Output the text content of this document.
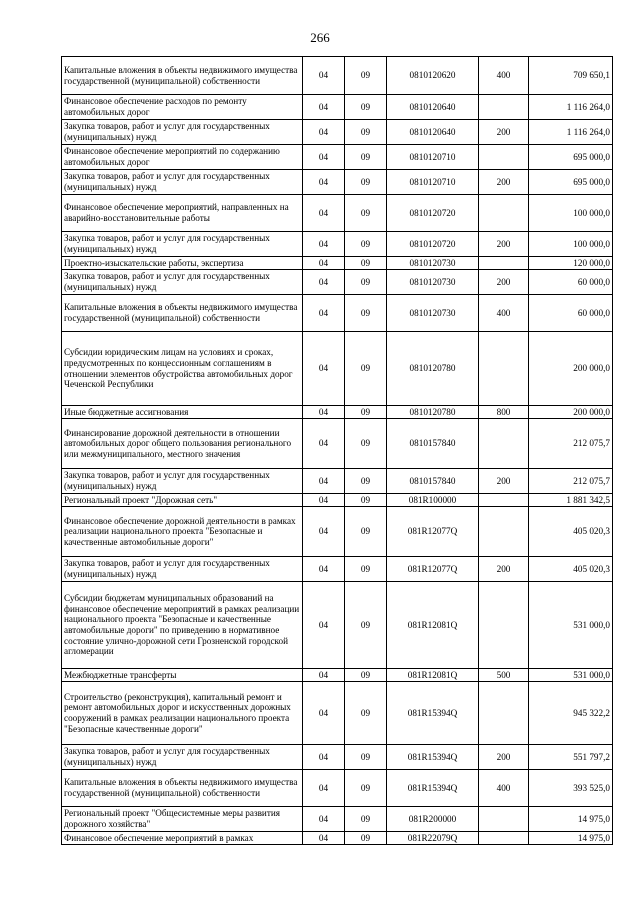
266
Капитальные вложения в объекты недвижимого имущества государственной (муниципальной) собственности	04	09	0810120620	400	709 650,1
Финансовое обеспечение расходов по ремонту автомобильных дорог	04	09	0810120640		1 116 264,0
Закупка товаров, работ и услуг для государственных (муниципальных) нужд	04	09	0810120640	200	1 116 264,0
Финансовое обеспечение мероприятий по содержанию автомобильных дорог	04	09	0810120710		695 000,0
Закупка товаров, работ и услуг для государственных (муниципальных) нужд	04	09	0810120710	200	695 000,0
Финансовое обеспечение мероприятий, направленных на аварийно-восстановительные работы	04	09	0810120720		100 000,0
Закупка товаров, работ и услуг для государственных (муниципальных) нужд	04	09	0810120720	200	100 000,0
Проектно-изыскательские работы, экспертиза	04	09	0810120730		120 000,0
Закупка товаров, работ и услуг для государственных (муниципальных) нужд	04	09	0810120730	200	60 000,0
Капитальные вложения в объекты недвижимого имущества государственной (муниципальной) собственности	04	09	0810120730	400	60 000,0
Субсидии юридическим лицам на условиях и сроках, предусмотренных по концессионным соглашениям в отношении элементов обустройства автомобильных дорог Чеченской Республики	04	09	0810120780		200 000,0
Иные бюджетные ассигнования	04	09	0810120780	800	200 000,0
Финансирование дорожной деятельности в отношении автомобильных дорог общего пользования регионального или межмуниципального, местного значения	04	09	0810157840		212 075,7
Закупка товаров, работ и услуг для государственных (муниципальных) нужд	04	09	0810157840	200	212 075,7
Региональный проект "Дорожная сеть"	04	09	081R100000		1 881 342,5
Финансовое обеспечение дорожной деятельности в рамках реализации национального проекта "Безопасные и качественные автомобильные дороги"	04	09	081R12077Q		405 020,3
Закупка товаров, работ и услуг для государственных (муниципальных) нужд	04	09	081R12077Q	200	405 020,3
Субсидии бюджетам муниципальных образований на финансовое обеспечение мероприятий в рамках реализации национального проекта "Безопасные и качественные автомобильные дороги" по приведению в нормативное состояние улично-дорожной сети Грозненской городской агломерации	04	09	081R12081Q		531 000,0
Межбюджетные трансферты	04	09	081R12081Q	500	531 000,0
Строительство (реконструкция), капитальный ремонт и ремонт автомобильных дорог и искусственных дорожных сооружений в рамках реализации национального проекта "Безопасные качественные дороги"	04	09	081R15394Q		945 322,2
Закупка товаров, работ и услуг для государственных (муниципальных) нужд	04	09	081R15394Q	200	551 797,2
Капитальные вложения в объекты недвижимого имущества государственной (муниципальной) собственности	04	09	081R15394Q	400	393 525,0
Региональный проект "Общесистемные меры развития дорожного хозяйства"	04	09	081R200000		14 975,0
Финансовое обеспечение мероприятий в рамках	04	09	081R22079Q		14 975,0
